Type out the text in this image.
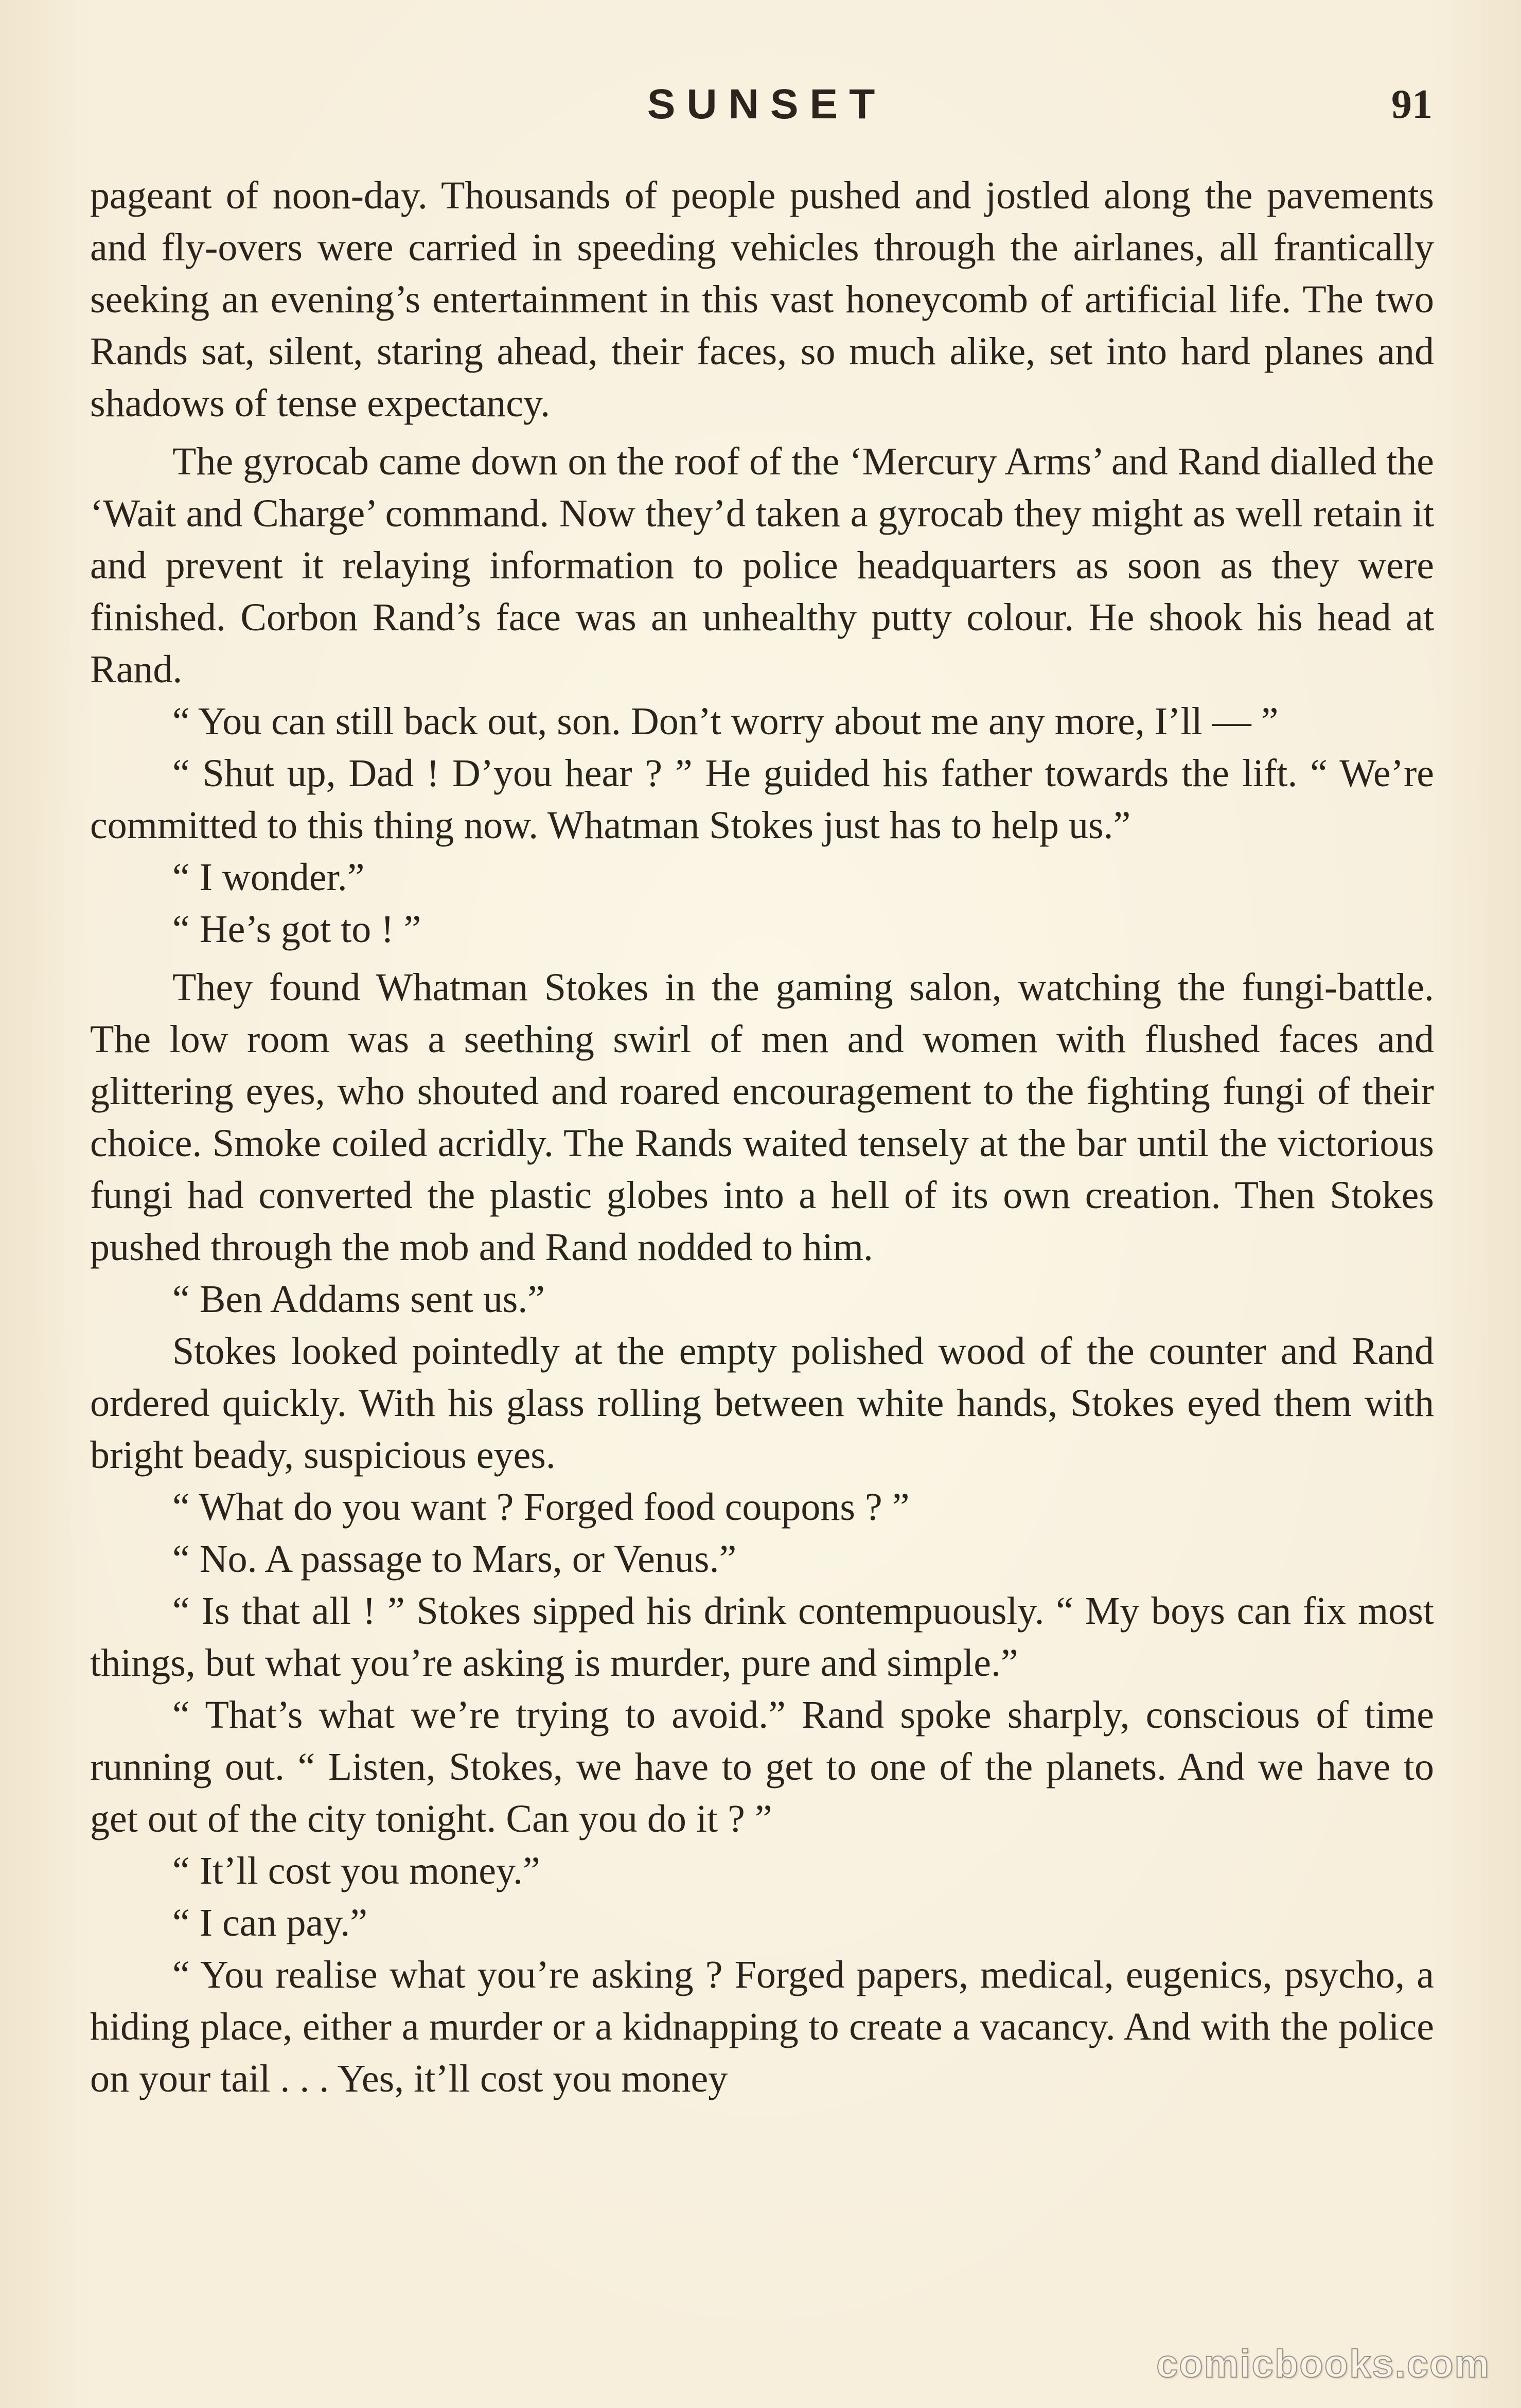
SUNSET	91

pageant of noon-day. Thousands of people pushed and jostled along the pavements and fly-overs were carried in speeding vehicles through the airlanes, all frantically seeking an evening’s entertainment in this vast honeycomb of artificial life. The two Rands sat, silent, staring ahead, their faces, so much alike, set into hard planes and shadows of tense expectancy.

The gyrocab came down on the roof of the ‘Mercury Arms’ and Rand dialled the ‘Wait and Charge’ command. Now they’d taken a gyrocab they might as well retain it and prevent it relaying information to police headquarters as soon as they were finished. Corbon Rand’s face was an unhealthy putty colour. He shook his head at Rand.

“ You can still back out, son. Don’t worry about me any more, I’ll — ”

“ Shut up, Dad ! D’you hear ? ” He guided his father towards the lift. “ We’re committed to this thing now. Whatman Stokes just has to help us.”

“ I wonder.”

“ He’s got to ! ”

They found Whatman Stokes in the gaming salon, watching the fungi-battle. The low room was a seething swirl of men and women with flushed faces and glittering eyes, who shouted and roared encouragement to the fighting fungi of their choice. Smoke coiled acridly. The Rands waited tensely at the bar until the victorious fungi had converted the plastic globes into a hell of its own creation. Then Stokes pushed through the mob and Rand nodded to him.

“ Ben Addams sent us.”

Stokes looked pointedly at the empty polished wood of the counter and Rand ordered quickly. With his glass rolling between white hands, Stokes eyed them with bright beady, suspicious eyes.

“ What do you want ? Forged food coupons ? ”

“ No. A passage to Mars, or Venus.”

“ Is that all ! ” Stokes sipped his drink contempuously. “ My boys can fix most things, but what you’re asking is murder, pure and simple.”

“ That’s what we’re trying to avoid.” Rand spoke sharply, conscious of time running out. “ Listen, Stokes, we have to get to one of the planets. And we have to get out of the city tonight. Can you do it ? ”

“ It’ll cost you money.”

“ I can pay.”

“ You realise what you’re asking ? Forged papers, medical, eugenics, psycho, a hiding place, either a murder or a kidnapping to create a vacancy. And with the police on your tail . . . Yes, it’ll cost you money

comicbooks.com
